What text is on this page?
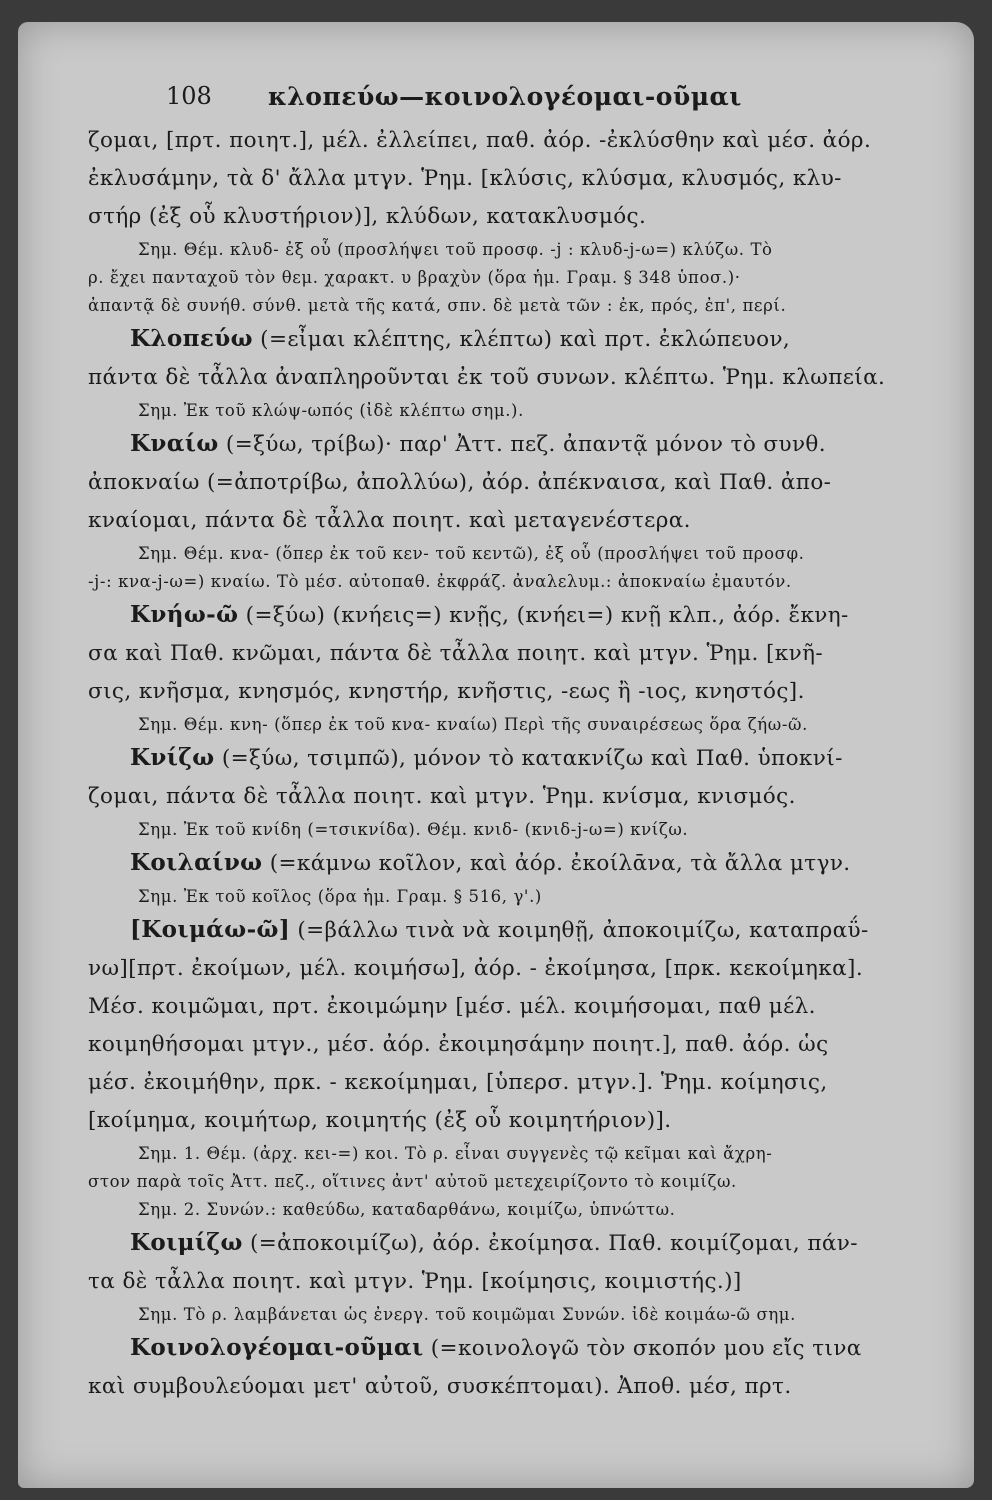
108 κλοπεύω—κοινολογέομαι-οῦμαι
ζομαι, [πρτ. ποιητ.], μέλ. ἐλλείπει, παθ. ἀόρ. -ἐκλύσθην καὶ μέσ. ἀόρ.
ἐκλυσάμην, τὰ δ' ἄλλα μτγν. Ῥημ. [κλύσις, κλύσμα, κλυσμός, κλυ-
στήρ (ἐξ οὗ κλυστήριον)], κλύδων, κατακλυσμός.
Σημ. Θέμ. κλυδ- ἐξ οὗ (προσλήψει τοῦ προσφ. -j : κλυδ-j-ω=) κλύζω. Τὸ
ρ. ἔχει πανταχοῦ τὸν θεμ. χαρακτ. υ βραχὺν (ὅρα ἡμ. Γραμ. § 348 ὑποσ.)·
ἀπαντᾷ δὲ συνήθ. σύνθ. μετὰ τῆς κατά, σπν. δὲ μετὰ τῶν : ἐκ, πρός, ἐπ', περί.
Κλοπεύω (=εἶμαι κλέπτης, κλέπτω) καὶ πρτ. ἐκλώπευον,
πάντα δὲ τἆλλα ἀναπληροῦνται ἐκ τοῦ συνων. κλέπτω. Ῥημ. κλωπεία.
Σημ. Ἐκ τοῦ κλώψ-ωπός (ἰδὲ κλέπτω σημ.).
Κναίω (=ξύω, τρίβω)· παρ' Ἀττ. πεζ. ἀπαντᾷ μόνον τὸ συνθ.
ἀποκναίω (=ἀποτρίβω, ἀπολλύω), ἀόρ. ἀπέκναισα, καὶ Παθ. ἀπο-
κναίομαι, πάντα δὲ τἆλλα ποιητ. καὶ μεταγενέστερα.
Σημ. Θέμ. κνα- (ὅπερ ἐκ τοῦ κεν- τοῦ κεντῶ), ἐξ οὗ (προσλήψει τοῦ προσφ.
-j-: κνα-j-ω=) κναίω. Τὸ μέσ. αὐτοπαθ. ἐκφράζ. ἀναλελυμ.: ἀποκναίω ἐμαυτόν.
Κνήω-ῶ (=ξύω) (κνήεις=) κνῇς, (κνήει=) κνῇ κλπ., ἀόρ. ἔκνη-
σα καὶ Παθ. κνῶμαι, πάντα δὲ τἆλλα ποιητ. καὶ μτγν. Ῥημ. [κνῆ-
σις, κνῆσμα, κνησμός, κνηστήρ, κνῆστις, -εως ἢ -ιος, κνηστός].
Σημ. Θέμ. κνη- (ὅπερ ἐκ τοῦ κνα- κναίω) Περὶ τῆς συναιρέσεως ὅρα ζήω-ῶ.
Κνίζω (=ξύω, τσιμπῶ), μόνον τὸ κατακνίζω καὶ Παθ. ὑποκνί-
ζομαι, πάντα δὲ τἆλλα ποιητ. καὶ μτγν. Ῥημ. κνίσμα, κνισμός.
Σημ. Ἐκ τοῦ κνίδη (=τσικνίδα). Θέμ. κνιδ- (κνιδ-j-ω=) κνίζω.
Κοιλαίνω (=κάμνω κοῖλον, καὶ ἀόρ. ἐκοίλᾱνα, τὰ ἄλλα μτγν.
Σημ. Ἐκ τοῦ κοῖλος (ὅρα ἡμ. Γραμ. § 516, γ'.)
[Κοιμάω-ῶ] (=βάλλω τινὰ νὰ κοιμηθῇ, ἀποκοιμίζω, καταπραΰ-
νω][πρτ. ἐκοίμων, μέλ. κοιμήσω], ἀόρ. - ἐκοίμησα, [πρκ. κεκοίμηκα].
Μέσ. κοιμῶμαι, πρτ. ἐκοιμώμην [μέσ. μέλ. κοιμήσομαι, παθ μέλ.
κοιμηθήσομαι μτγν., μέσ. ἀόρ. ἐκοιμησάμην ποιητ.], παθ. ἀόρ. ὡς
μέσ. ἐκοιμήθην, πρκ. - κεκοίμημαι, [ὑπερσ. μτγν.]. Ῥημ. κοίμησις,
[κοίμημα, κοιμήτωρ, κοιμητής (ἐξ οὗ κοιμητήριον)].
Σημ. 1. Θέμ. (ἀρχ. κει-=) κοι. Τὸ ρ. εἶναι συγγενὲς τῷ κεῖμαι καὶ ἄχρη-
στον παρὰ τοῖς Ἀττ. πεζ., οἵτινες ἀντ' αὐτοῦ μετεχειρίζοντο τὸ κοιμίζω.
Σημ. 2. Συνών.: καθεύδω, καταδαρθάνω, κοιμίζω, ὑπνώττω.
Κοιμίζω (=ἀποκοιμίζω), ἀόρ. ἐκοίμησα. Παθ. κοιμίζομαι, πάν-
τα δὲ τἆλλα ποιητ. καὶ μτγν. Ῥημ. [κοίμησις, κοιμιστής.)]
Σημ. Τὸ ρ. λαμβάνεται ὡς ἐνεργ. τοῦ κοιμῶμαι Συνών. ἰδὲ κοιμάω-ῶ σημ.
Κοινολογέομαι-οῦμαι (=κοινολογῶ τὸν σκοπόν μου εἴς τινα
καὶ συμβουλεύομαι μετ' αὐτοῦ, συσκέπτομαι). Ἀποθ. μέσ, πρτ.
